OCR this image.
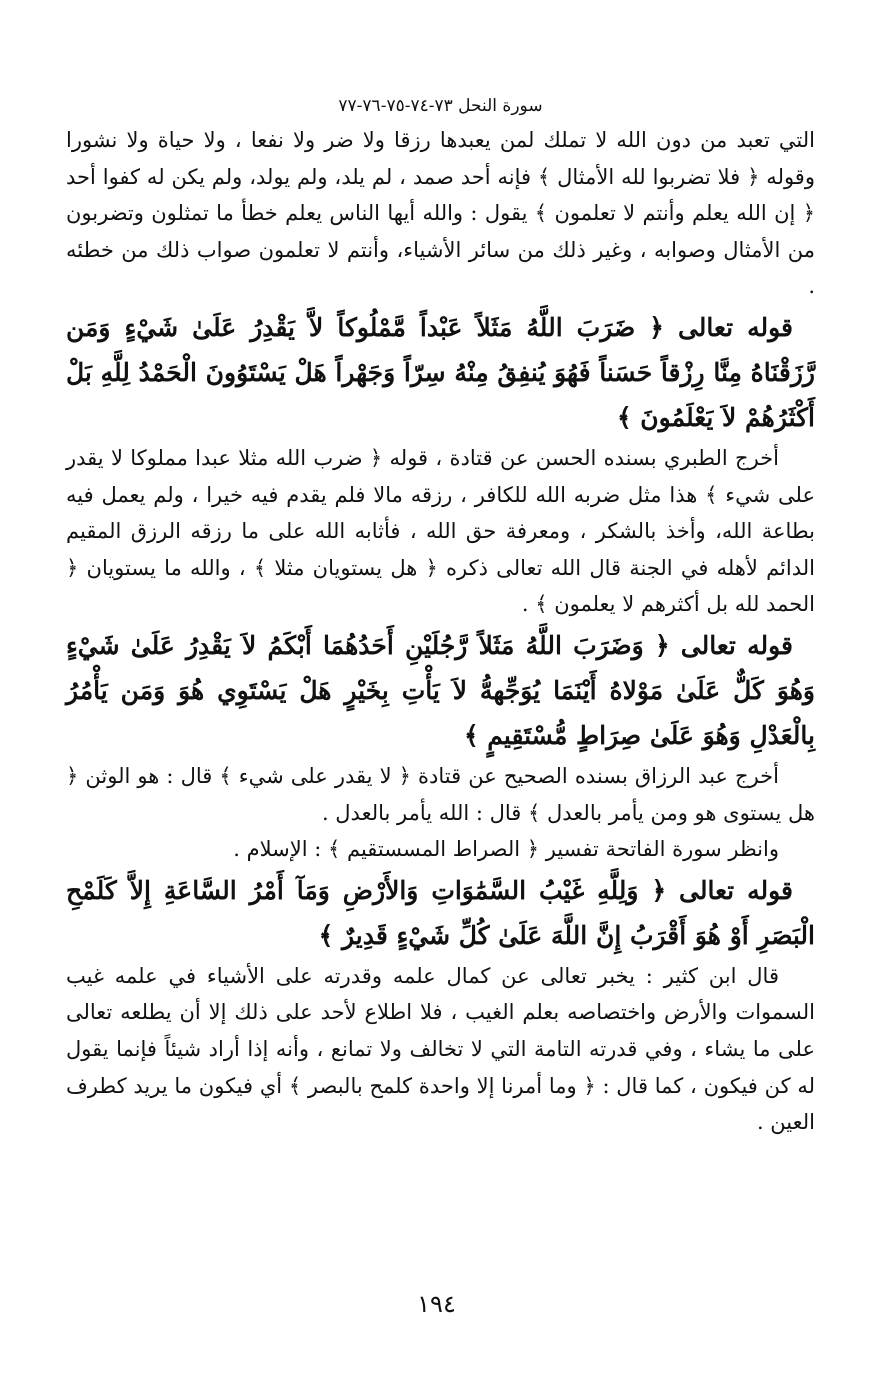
سورة النحل ٧٣-٧٤-٧٥-٧٦-٧٧

التي تعبد من دون الله لا تملك لمن يعبدها رزقا ولا ضر ولا نفعا ، ولا حياة ولا نشورا وقوله ﴿ فلا تضربوا لله الأمثال ﴾ فإنه أحد صمد ، لم يلد، ولم يولد، ولم يكن له كفوا أحد ﴿ إن الله يعلم وأنتم لا تعلمون ﴾ يقول : والله أيها الناس يعلم خطأ ما تمثلون وتضربون من الأمثال وصوابه ، وغير ذلك من سائر الأشياء، وأنتم لا تعلمون صواب ذلك من خطئه .

قوله تعالى ﴿ ضَرَبَ اللَّهُ مَثَلاً عَبْداً مَّمْلُوكاً لاَّ يَقْدِرُ عَلَىٰ شَيْءٍ وَمَن رَّزَقْنَاهُ مِنَّا رِزْقاً حَسَناً فَهُوَ يُنفِقُ مِنْهُ سِرّاً وَجَهْراً هَلْ يَسْتَوُونَ الْحَمْدُ لِلَّهِ بَلْ أَكْثَرُهُمْ لاَ يَعْلَمُونَ ﴾

أخرج الطبري بسنده الحسن عن قتادة ، قوله ﴿ ضرب الله مثلا عبدا مملوكا لا يقدر على شيء ﴾ هذا مثل ضربه الله للكافر ، رزقه مالا فلم يقدم فيه خيرا ، ولم يعمل فيه بطاعة الله، وأخذ بالشكر ، ومعرفة حق الله ، فأثابه الله على ما رزقه الرزق المقيم الدائم لأهله في الجنة قال الله تعالى ذكره ﴿ هل يستويان مثلا ﴾ ، والله ما يستويان ﴿ الحمد لله بل أكثرهم لا يعلمون ﴾ .

قوله تعالى ﴿ وَضَرَبَ اللَّهُ مَثَلاً رَّجُلَيْنِ أَحَدُهُمَا أَبْكَمُ لاَ يَقْدِرُ عَلَىٰ شَيْءٍ وَهُوَ كَلٌّ عَلَىٰ مَوْلاهُ أَيْنَمَا يُوَجِّههُّ لاَ يَأْتِ بِخَيْرٍ هَلْ يَسْتَوِي هُوَ وَمَن يَأْمُرُ بِالْعَدْلِ وَهُوَ عَلَىٰ صِرَاطٍ مُّسْتَقِيمٍ ﴾

أخرج عبد الرزاق بسنده الصحيح عن قتادة ﴿ لا يقدر على شيء ﴾ قال : هو الوثن ﴿ هل يستوى هو ومن يأمر بالعدل ﴾ قال : الله يأمر بالعدل .

وانظر سورة الفاتحة تفسير ﴿ الصراط المسستقيم ﴾ : الإسلام .

قوله تعالى ﴿ وَلِلَّهِ غَيْبُ السَّمَٰوَاتِ وَالأَرْضِ وَمَآ أَمْرُ السَّاعَةِ إِلاَّ كَلَمْحِ الْبَصَرِ أَوْ هُوَ أَقْرَبُ إِنَّ اللَّهَ عَلَىٰ كُلِّ شَيْءٍ قَدِيرٌ ﴾

قال ابن كثير : يخبر تعالى عن كمال علمه وقدرته على الأشياء في علمه غيب السموات والأرض واختصاصه بعلم الغيب ، فلا اطلاع لأحد على ذلك إلا أن يطلعه تعالى على ما يشاء ، وفي قدرته التامة التي لا تخالف ولا تمانع ، وأنه إذا أراد شيئاً فإنما يقول له كن فيكون ، كما قال : ﴿ وما أمرنا إلا واحدة كلمح بالبصر ﴾ أي فيكون ما يريد كطرف العين .

١٩٤
